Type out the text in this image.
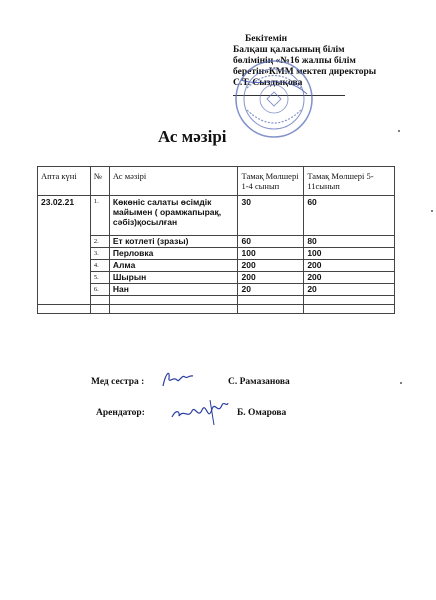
Бекітемін
Балқаш қаласының білім
бөлімінің «№16 жалпы білім
беретін»КММ мектеп директоры
С.Т. Сыздықова
Ас мәзірі
Апта күні	№	Ас мәзірі	Тамақ Мөлшері 1-4 сынып	Тамақ Мөлшері 5-11сынып
23.02.21	1.	Көкөніс салаты өсімдік майымен ( орамжапырақ, сәбіз)қосылған	30	60
	2.	Ет котлеті (зразы)	60	80
	3.	Перловка	100	100
	4.	Алма	200	200
	5.	Шырын	200	200
	6.	Нан	20	20

Мед сестра :	С. Рамазанова
Арендатор:	Б. Омарова
